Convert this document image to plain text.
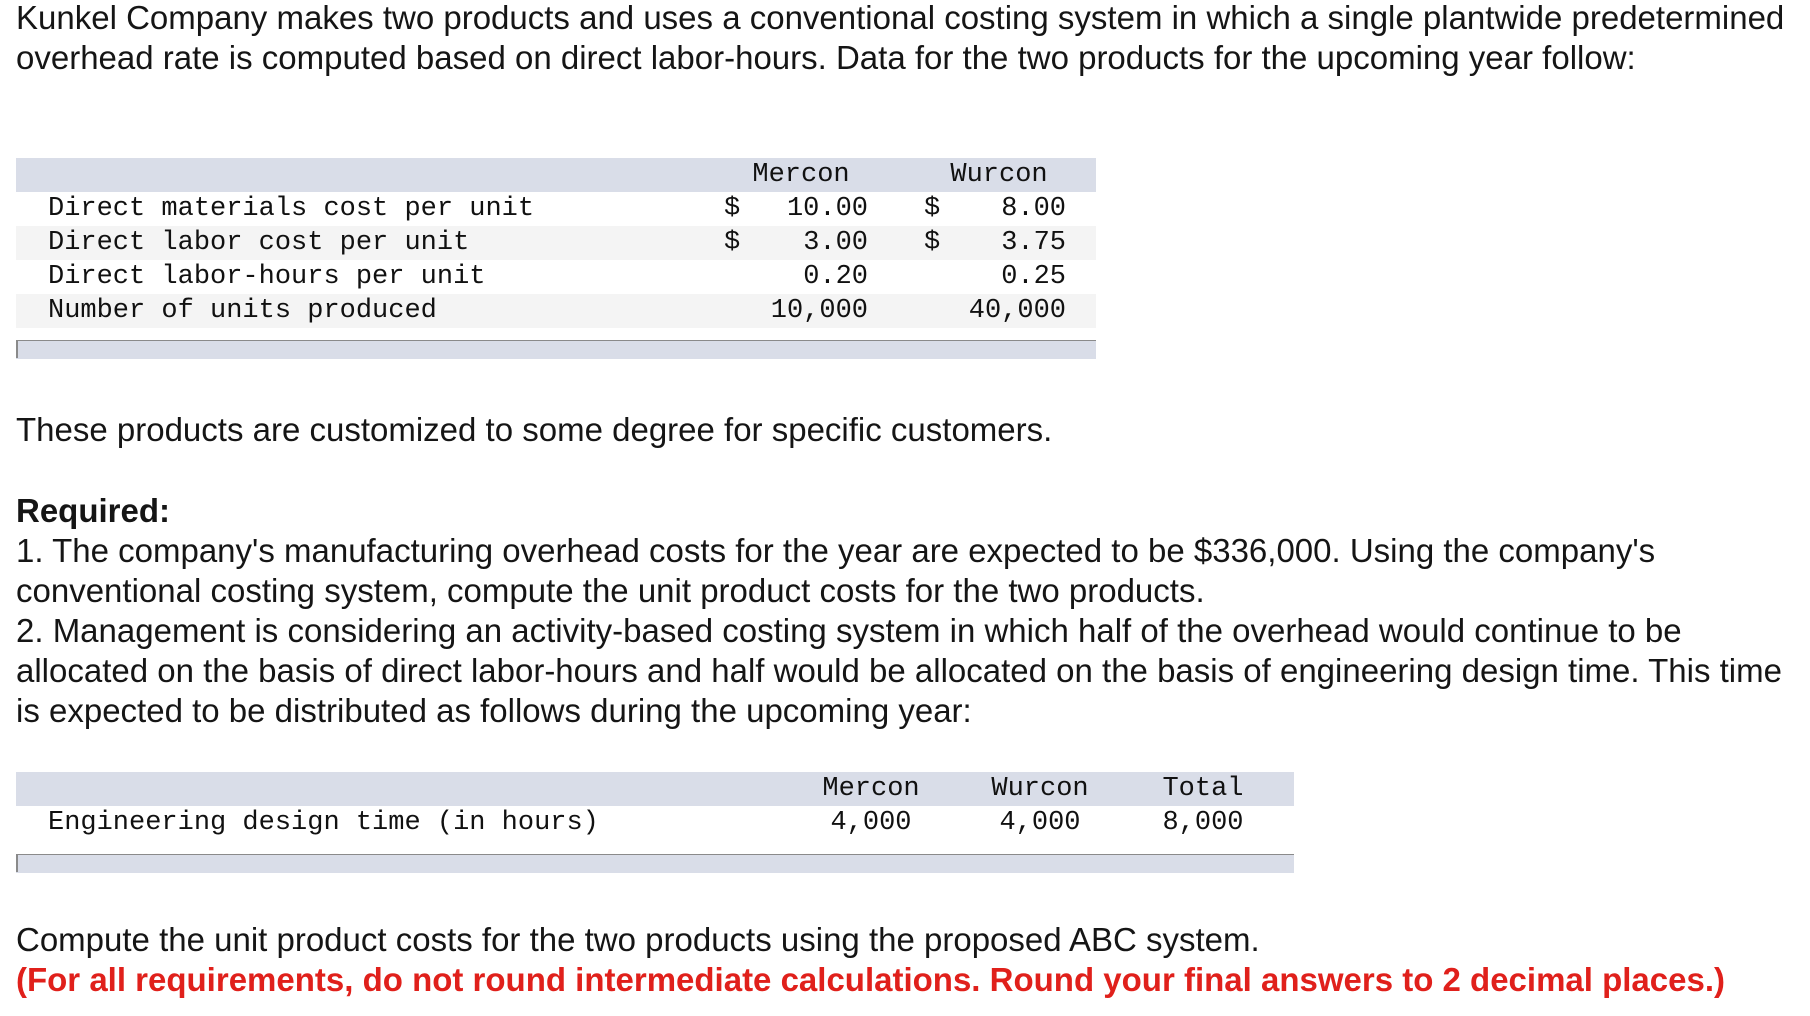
Kunkel Company makes two products and uses a conventional costing system in which a single plantwide predetermined overhead rate is computed based on direct labor-hours. Data for the two products for the upcoming year follow:

Mercon	Wurcon
Direct materials cost per unit	$	10.00 $	8.00
Direct labor cost per unit	$	3.00 $	3.75
Direct labor-hours per unit	0.20	0.25
Number of units produced	10,000	40,000

These products are customized to some degree for specific customers.

Required:
1. The company's manufacturing overhead costs for the year are expected to be $336,000. Using the company's conventional costing system, compute the unit product costs for the two products.
2. Management is considering an activity-based costing system in which half of the overhead would continue to be allocated on the basis of direct labor-hours and half would be allocated on the basis of engineering design time. This time is expected to be distributed as follows during the upcoming year:
Mercon	Wurcon	Total
Engineering design time (in hours)	4,000	4,000	8,000
Compute the unit product costs for the two products using the proposed ABC system.
(For all requirements, do not round intermediate calculations. Round your final answers to 2 decimal places.)
